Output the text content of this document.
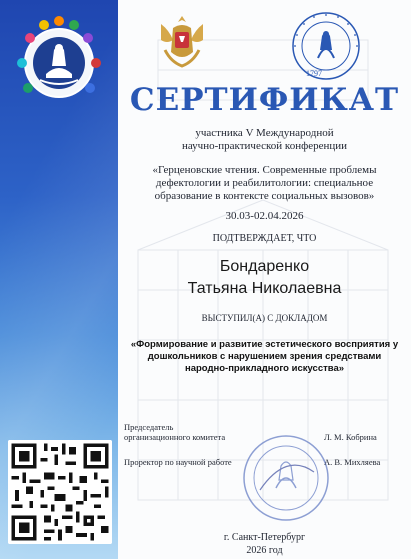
1797
СЕРТИФИКАТ
участника V Международной
научно-практической конференции
«Герценовские чтения. Современные проблемы
дефектологии и реабилитологии: специальное
образование в контексте социальных вызовов»
30.03-02.04.2026
ПОДТВЕРЖДАЕТ, ЧТО
Бондаренко
Татьяна Николаевна
ВЫСТУПИЛ(А) С ДОКЛАДОМ
«Формирование и развитие эстетического восприятия у
дошкольников с нарушением зрения средствами
народно-прикладного искусства»
Председатель
организационного комитета	Л. М. Кобрина
Проректор по научной работе	А. В. Михляева
г. Санкт-Петербург
2026 год
